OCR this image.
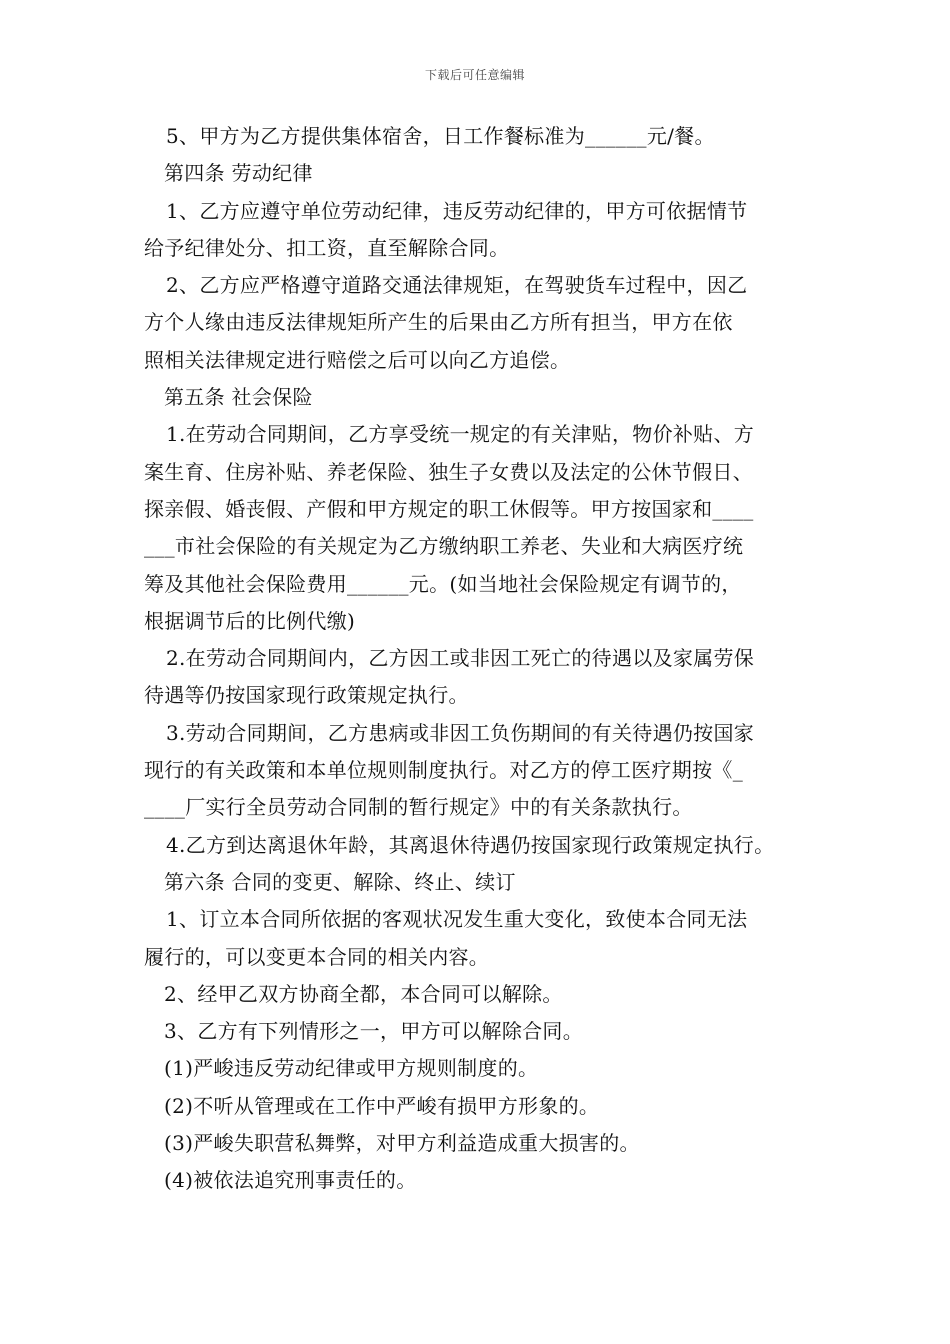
下载后可任意编辑
5、甲方为乙方提供集体宿舍，日工作餐标准为______元/餐。
第四条 劳动纪律
1、乙方应遵守单位劳动纪律，违反劳动纪律的，甲方可依据情节
给予纪律处分、扣工资，直至解除合同。
2、乙方应严格遵守道路交通法律规矩，在驾驶货车过程中，因乙
方个人缘由违反法律规矩所产生的后果由乙方所有担当，甲方在依
照相关法律规定进行赔偿之后可以向乙方追偿。
第五条 社会保险
1.在劳动合同期间，乙方享受统一规定的有关津贴，物价补贴、方
案生育、住房补贴、养老保险、独生子女费以及法定的公休节假日、
探亲假、婚丧假、产假和甲方规定的职工休假等。甲方按国家和____
___市社会保险的有关规定为乙方缴纳职工养老、失业和大病医疗统
筹及其他社会保险费用______元。(如当地社会保险规定有调节的，
根据调节后的比例代缴)
2.在劳动合同期间内，乙方因工或非因工死亡的待遇以及家属劳保
待遇等仍按国家现行政策规定执行。
3.劳动合同期间，乙方患病或非因工负伤期间的有关待遇仍按国家
现行的有关政策和本单位规则制度执行。对乙方的停工医疗期按《_
____厂实行全员劳动合同制的暂行规定》中的有关条款执行。
4.乙方到达离退休年龄，其离退休待遇仍按国家现行政策规定执行。
第六条 合同的变更、解除、终止、续订
1、订立本合同所依据的客观状况发生重大变化，致使本合同无法
履行的，可以变更本合同的相关内容。
2、经甲乙双方协商全都，本合同可以解除。
3、乙方有下列情形之一，甲方可以解除合同。
(1)严峻违反劳动纪律或甲方规则制度的。
(2)不听从管理或在工作中严峻有损甲方形象的。
(3)严峻失职营私舞弊，对甲方利益造成重大损害的。
(4)被依法追究刑事责任的。
